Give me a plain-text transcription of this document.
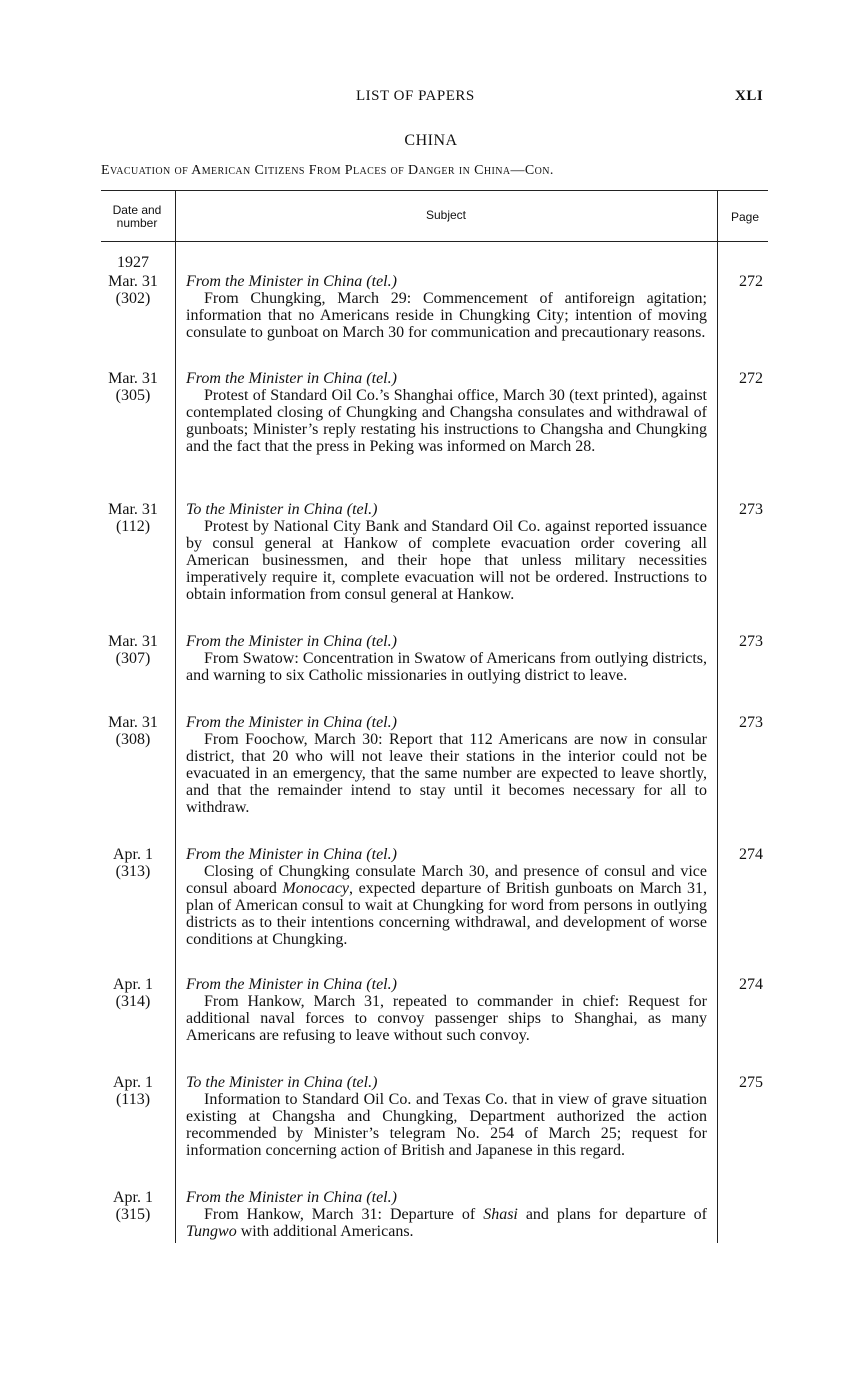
LIST OF PAPERS	XLI
CHINA
Evacuation of American Citizens From Places of Danger in China—Con.
Date and number
Subject	Page
1927
Mar. 31
(302)
From the Minister in China (tel.)
From Chungking, March 29: Commencement of antiforeign agitation; information that no Americans reside in Chungking City; intention of moving consulate to gunboat on March 30 for communication and precautionary reasons.
272
Mar. 31
(305)
From the Minister in China (tel.)
Protest of Standard Oil Co.’s Shanghai office, March 30 (text printed), against contemplated closing of Chungking and Changsha consulates and withdrawal of gunboats; Minister’s reply restating his instructions to Changsha and Chungking and the fact that the press in Peking was informed on March 28.
272
Mar. 31
(112)
To the Minister in China (tel.)
Protest by National City Bank and Standard Oil Co. against reported issuance by consul general at Hankow of complete evacuation order covering all American businessmen, and their hope that unless military necessities imperatively require it, complete evacuation will not be ordered. Instructions to obtain information from consul general at Hankow.
273
Mar. 31
(307)
From the Minister in China (tel.)
From Swatow: Concentration in Swatow of Americans from outlying districts, and warning to six Catholic missionaries in outlying district to leave.
273
Mar. 31
(308)
From the Minister in China (tel.)
From Foochow, March 30: Report that 112 Americans are now in consular district, that 20 who will not leave their stations in the interior could not be evacuated in an emergency, that the same number are expected to leave shortly, and that the remainder intend to stay until it becomes necessary for all to withdraw.
273
Apr. 1
(313)
From the Minister in China (tel.)
Closing of Chungking consulate March 30, and presence of consul and vice consul aboard Monocacy, expected departure of British gunboats on March 31, plan of American consul to wait at Chungking for word from persons in outlying districts as to their intentions concerning withdrawal, and development of worse conditions at Chungking.
274
Apr. 1
(314)
From the Minister in China (tel.)
From Hankow, March 31, repeated to commander in chief: Request for additional naval forces to convoy passenger ships to Shanghai, as many Americans are refusing to leave without such convoy.
274
Apr. 1
(113)
To the Minister in China (tel.)
Information to Standard Oil Co. and Texas Co. that in view of grave situation existing at Changsha and Chungking, Department authorized the action recommended by Minister’s telegram No. 254 of March 25; request for information concerning action of British and Japanese in this regard.
275
Apr. 1
(315)
From the Minister in China (tel.)
From Hankow, March 31: Departure of Shasi and plans for departure of Tungwo with additional Americans.
